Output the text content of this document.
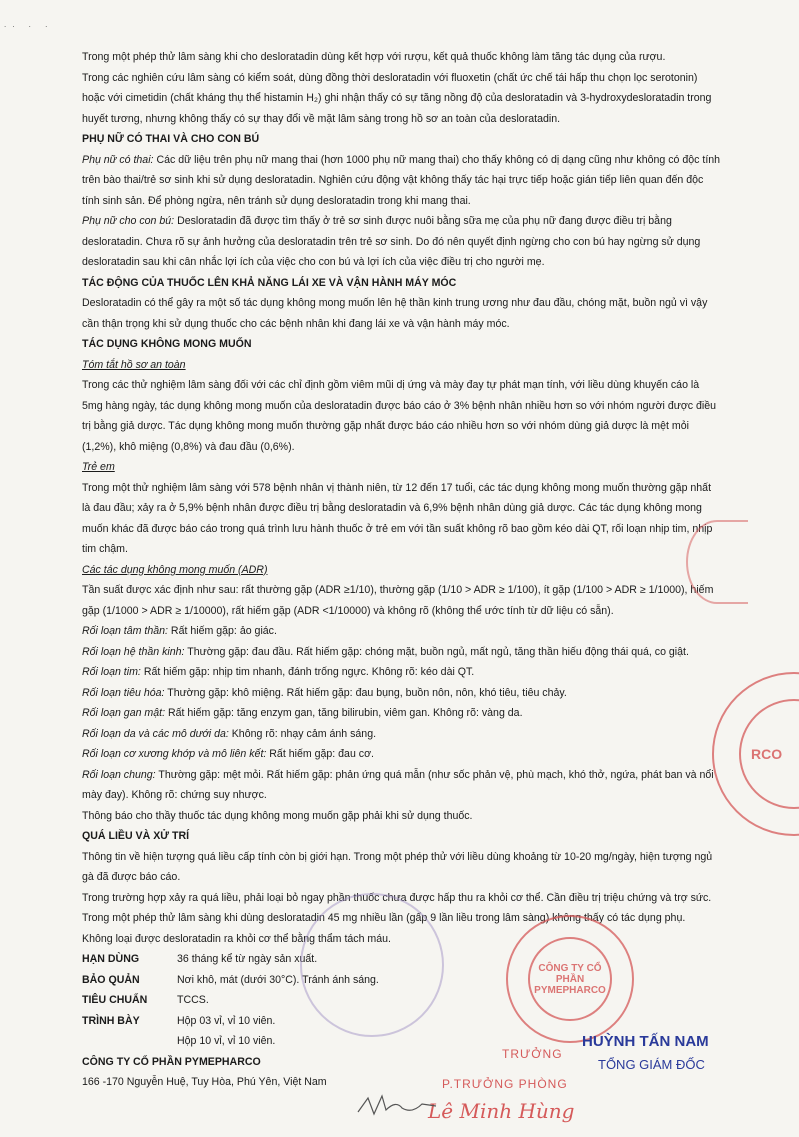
.. . .

Trong một phép thử lâm sàng khi cho desloratadin dùng kết hợp với rượu, kết quả thuốc không làm tăng tác dụng của rượu.

Trong các nghiên cứu lâm sàng có kiểm soát, dùng đồng thời desloratadin với fluoxetin (chất ức chế tái hấp thu chọn lọc serotonin) hoặc với cimetidin (chất kháng thụ thể histamin H₂) ghi nhận thấy có sự tăng nồng độ của desloratadin và 3-hydroxydesloratadin trong huyết tương, nhưng không thấy có sự thay đổi về mặt lâm sàng trong hồ sơ an toàn của desloratadin.

PHỤ NỮ CÓ THAI VÀ CHO CON BÚ

Phụ nữ có thai: Các dữ liệu trên phụ nữ mang thai (hơn 1000 phụ nữ mang thai) cho thấy không có dị dạng cũng như không có độc tính trên bào thai/trẻ sơ sinh khi sử dụng desloratadin. Nghiên cứu động vật không thấy tác hại trực tiếp hoặc gián tiếp liên quan đến độc tính sinh sản. Để phòng ngừa, nên tránh sử dụng desloratadin trong khi mang thai.

Phụ nữ cho con bú: Desloratadin đã được tìm thấy ở trẻ sơ sinh được nuôi bằng sữa mẹ của phụ nữ đang được điều trị bằng desloratadin. Chưa rõ sự ảnh hưởng của desloratadin trên trẻ sơ sinh. Do đó nên quyết định ngừng cho con bú hay ngừng sử dụng desloratadin sau khi cân nhắc lợi ích của việc cho con bú và lợi ích của việc điều trị cho người mẹ.

TÁC ĐỘNG CỦA THUỐC LÊN KHẢ NĂNG LÁI XE VÀ VẬN HÀNH MÁY MÓC

Desloratadin có thể gây ra một số tác dụng không mong muốn lên hệ thần kinh trung ương như đau đầu, chóng mặt, buồn ngủ vì vậy cần thận trọng khi sử dụng thuốc cho các bệnh nhân khi đang lái xe và vận hành máy móc.

TÁC DỤNG KHÔNG MONG MUỐN

Tóm tắt hồ sơ an toàn

Trong các thử nghiệm lâm sàng đối với các chỉ định gồm viêm mũi dị ứng và mày đay tự phát mạn tính, với liều dùng khuyến cáo là 5mg hàng ngày, tác dụng không mong muốn của desloratadin được báo cáo ở 3% bệnh nhân nhiều hơn so với nhóm người được điều trị bằng giả dược. Tác dụng không mong muốn thường gặp nhất được báo cáo nhiều hơn so với nhóm dùng giả dược là mệt mỏi (1,2%), khô miệng (0,8%) và đau đầu (0,6%).

Trẻ em

Trong một thử nghiệm lâm sàng với 578 bệnh nhân vị thành niên, từ 12 đến 17 tuổi, các tác dụng không mong muốn thường gặp nhất là đau đầu; xảy ra ở 5,9% bệnh nhân được điều trị bằng desloratadin và 6,9% bệnh nhân dùng giả dược. Các tác dụng không mong muốn khác đã được báo cáo trong quá trình lưu hành thuốc ở trẻ em với tần suất không rõ bao gồm kéo dài QT, rối loạn nhịp tim, nhịp tim chậm.

Các tác dụng không mong muốn (ADR)

Tần suất được xác định như sau: rất thường gặp (ADR ≥1/10), thường gặp (1/10 > ADR ≥ 1/100), ít gặp (1/100 > ADR ≥ 1/1000), hiếm gặp (1/1000 > ADR ≥ 1/10000), rất hiếm gặp (ADR <1/10000) và không rõ (không thể ước tính từ dữ liệu có sẵn).

Rối loạn tâm thần: Rất hiếm gặp: ảo giác.

Rối loạn hệ thần kinh: Thường gặp: đau đầu. Rất hiếm gặp: chóng mặt, buồn ngủ, mất ngủ, tăng thần hiếu động thái quá, co giật.

Rối loạn tim: Rất hiếm gặp: nhịp tim nhanh, đánh trống ngực. Không rõ: kéo dài QT.

Rối loạn tiêu hóa: Thường gặp: khô miệng. Rất hiếm gặp: đau bụng, buồn nôn, nôn, khó tiêu, tiêu chảy.

Rối loạn gan mật: Rất hiếm gặp: tăng enzym gan, tăng bilirubin, viêm gan. Không rõ: vàng da.

Rối loạn da và các mô dưới da: Không rõ: nhạy cảm ánh sáng.

Rối loạn cơ xương khớp và mô liên kết: Rất hiếm gặp: đau cơ.

Rối loạn chung: Thường gặp: mệt mỏi. Rất hiếm gặp: phản ứng quá mẫn (như sốc phản vệ, phù mạch, khó thở, ngứa, phát ban và nổi mày đay). Không rõ: chứng suy nhược.

Thông báo cho thầy thuốc tác dụng không mong muốn gặp phải khi sử dụng thuốc.

QUÁ LIỀU VÀ XỬ TRÍ

Thông tin về hiện tượng quá liều cấp tính còn bị giới hạn. Trong một phép thử với liều dùng khoảng từ 10-20 mg/ngày, hiện tượng ngủ gà đã được báo cáo.

Trong trường hợp xảy ra quá liều, phải loại bỏ ngay phần thuốc chưa được hấp thu ra khỏi cơ thể. Cần điều trị triệu chứng và trợ sức.

Trong một phép thử lâm sàng khi dùng desloratadin 45 mg nhiều lần (gấp 9 lần liều trong lâm sàng) không thấy có tác dụng phụ.

Không loại được desloratadin ra khỏi cơ thể bằng thẩm tách máu.

HẠN DÙNG	36 tháng kể từ ngày sản xuất.
BẢO QUẢN	Nơi khô, mát (dưới 30°C). Tránh ánh sáng.
TIÊU CHUẨN	TCCS.
TRÌNH BÀY	Hộp 03 vỉ, vỉ 10 viên.
Hộp 10 vỉ, vỉ 10 viên.

CÔNG TY CỔ PHẦN PYMEPHARCO

166 -170 Nguyễn Huệ, Tuy Hòa, Phú Yên, Việt Nam

RCO
CÔNG TY CỔ PHẦN PYMEPHARCO
HUỲNH TẤN NAM
TỔNG GIÁM ĐỐC
TRƯỞNG
P.TRƯỞNG PHÒNG
Lê Minh Hùng
